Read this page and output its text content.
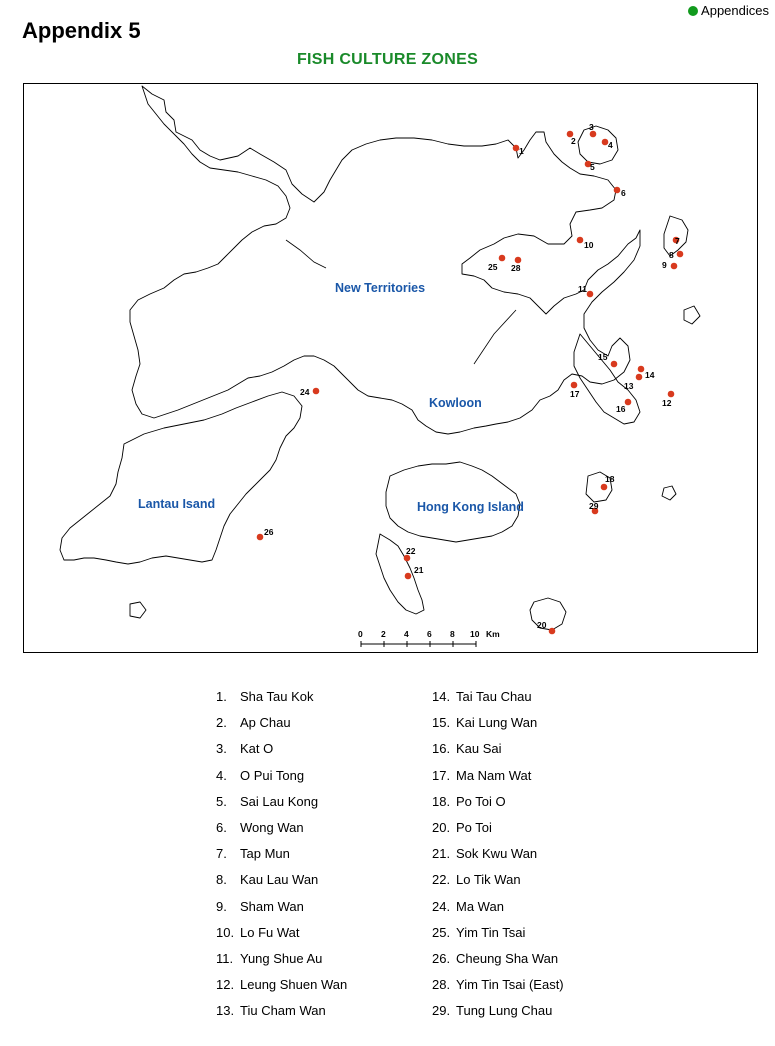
Appendices
Appendix 5
FISH CULTURE ZONES
New Territories
Kowloon
Lantau Isand	Hong Kong Island
1
2
3
4
5
6
7
8
9
10
11
12
13
14
15
16
17
18
20
21
22
24
25
26
28
29
0 2 4 6 8 10 Km
1. Sha Tau Kok
2. Ap Chau
3. Kat O
4. O Pui Tong
5. Sai Lau Kong
6. Wong Wan
7. Tap Mun
8. Kau Lau Wan
9. Sham Wan
10. Lo Fu Wat
11. Yung Shue Au
12. Leung Shuen Wan
13. Tiu Cham Wan
14. Tai Tau Chau
15. Kai Lung Wan
16. Kau Sai
17. Ma Nam Wat
18. Po Toi O
20. Po Toi
21. Sok Kwu Wan
22. Lo Tik Wan
24. Ma Wan
25. Yim Tin Tsai
26. Cheung Sha Wan
28. Yim Tin Tsai (East)
29. Tung Lung Chau
